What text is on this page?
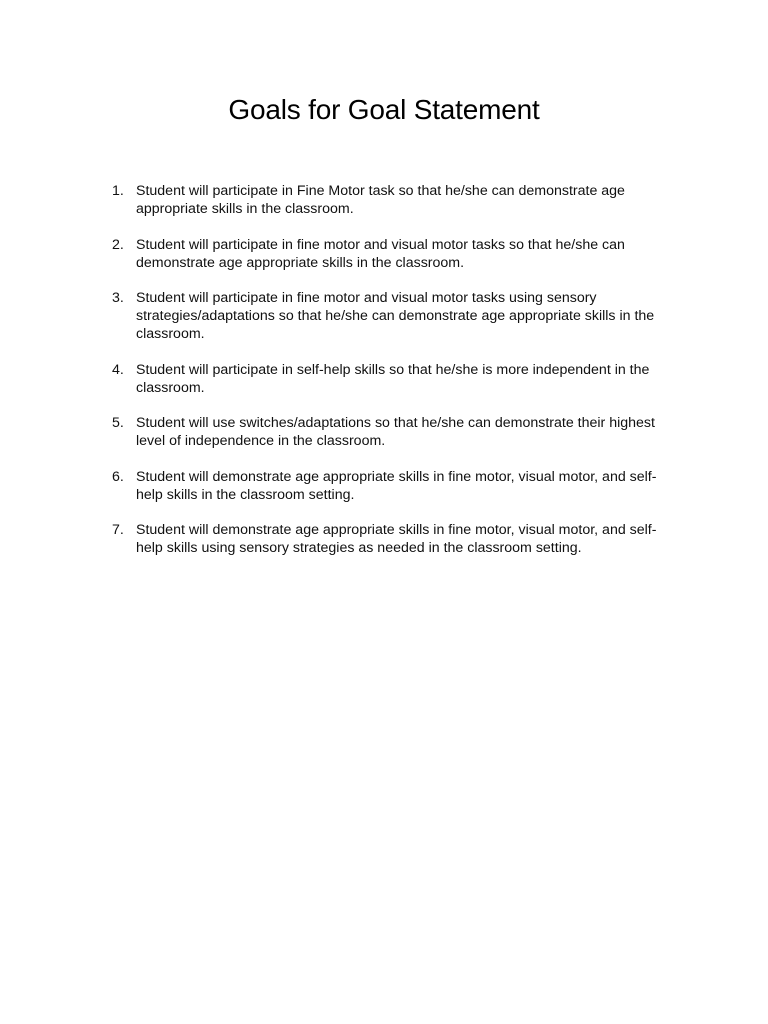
Goals for Goal Statement
1. Student will participate in Fine Motor task so that he/she can demonstrate age appropriate skills in the classroom.
2. Student will participate in fine motor and visual motor tasks so that he/she can demonstrate age appropriate skills in the classroom.
3. Student will participate in fine motor and visual motor tasks using sensory strategies/adaptations so that he/she can demonstrate age appropriate skills in the classroom.
4. Student will participate in self-help skills so that he/she is more independent in the classroom.
5. Student will use switches/adaptations so that he/she can demonstrate their highest level of independence in the classroom.
6. Student will demonstrate age appropriate skills in fine motor, visual motor, and self-help skills in the classroom setting.
7. Student will demonstrate age appropriate skills in fine motor, visual motor, and self-help skills using sensory strategies as needed in the classroom setting.
